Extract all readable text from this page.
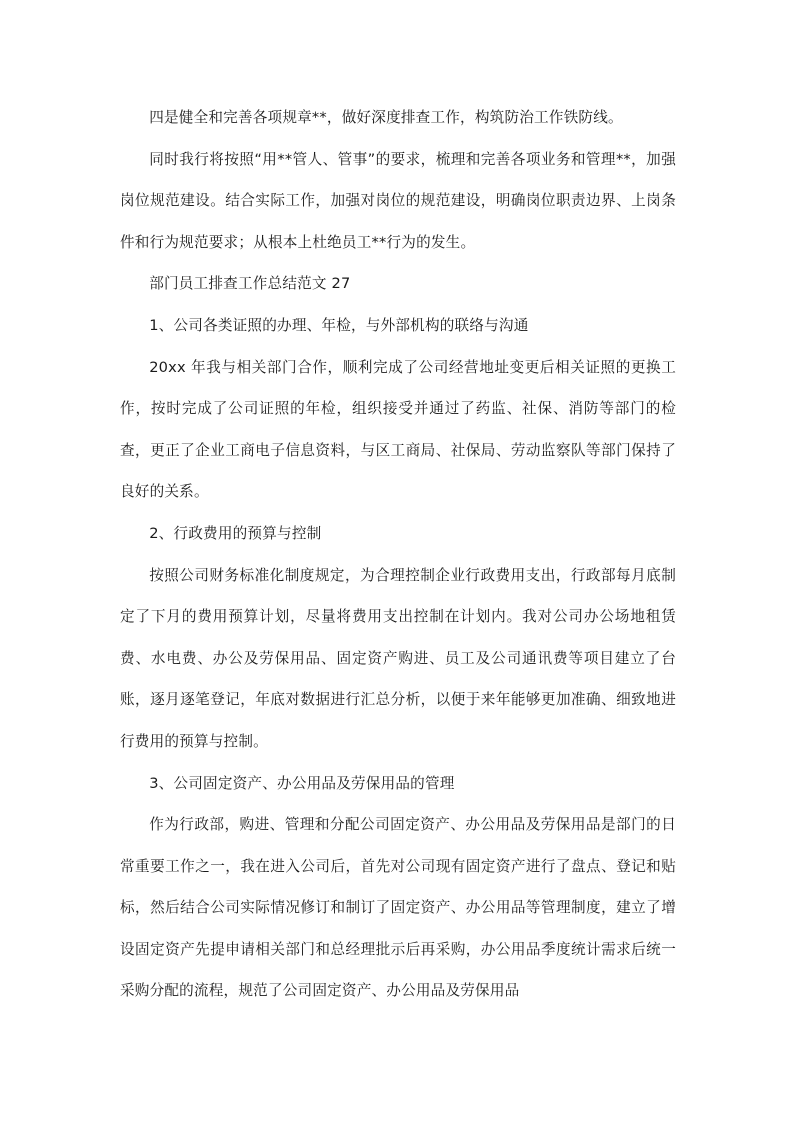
四是健全和完善各项规章**，做好深度排查工作，构筑防治工作铁防线。

同时我行将按照“用**管人、管事”的要求，梳理和完善各项业务和管理**，加强岗位规范建设。结合实际工作，加强对岗位的规范建设，明确岗位职责边界、上岗条件和行为规范要求；从根本上杜绝员工**行为的发生。

部门员工排查工作总结范文 27

1、公司各类证照的办理、年检，与外部机构的联络与沟通

20xx 年我与相关部门合作，顺利完成了公司经营地址变更后相关证照的更换工作，按时完成了公司证照的年检，组织接受并通过了药监、社保、消防等部门的检查，更正了企业工商电子信息资料，与区工商局、社保局、劳动监察队等部门保持了良好的关系。

2、行政费用的预算与控制

按照公司财务标准化制度规定，为合理控制企业行政费用支出，行政部每月底制定了下月的费用预算计划，尽量将费用支出控制在计划内。我对公司办公场地租赁费、水电费、办公及劳保用品、固定资产购进、员工及公司通讯费等项目建立了台账，逐月逐笔登记，年底对数据进行汇总分析，以便于来年能够更加准确、细致地进行费用的预算与控制。

3、公司固定资产、办公用品及劳保用品的管理

作为行政部，购进、管理和分配公司固定资产、办公用品及劳保用品是部门的日常重要工作之一，我在进入公司后，首先对公司现有固定资产进行了盘点、登记和贴标，然后结合公司实际情况修订和制订了固定资产、办公用品等管理制度，建立了增设固定资产先提申请相关部门和总经理批示后再采购，办公用品季度统计需求后统一采购分配的流程，规范了公司固定资产、办公用品及劳保用品
